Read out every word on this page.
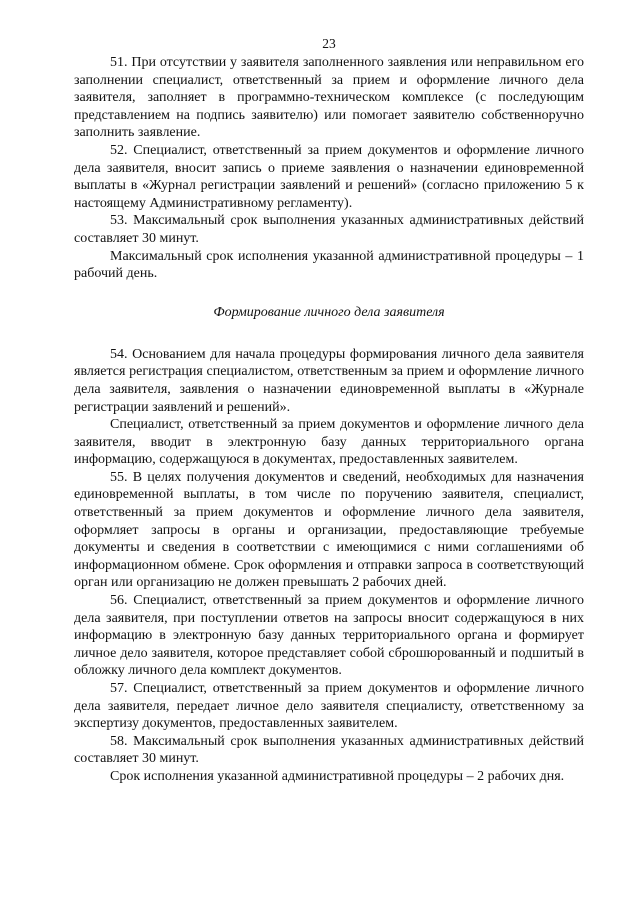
23

51. При отсутствии у заявителя заполненного заявления или неправильном его заполнении специалист, ответственный за прием и оформление личного дела заявителя, заполняет в программно-техническом комплексе (с последующим представлением на подпись заявителю) или помогает заявителю собственноручно заполнить заявление.

52. Специалист, ответственный за прием документов и оформление личного дела заявителя, вносит запись о приеме заявления о назначении единовременной выплаты в «Журнал регистрации заявлений и решений» (согласно приложению 5 к настоящему Административному регламенту).

53. Максимальный срок выполнения указанных административных действий составляет 30 минут.

Максимальный срок исполнения указанной административной процедуры – 1 рабочий день.

Формирование личного дела заявителя

54. Основанием для начала процедуры формирования личного дела заявителя является регистрация специалистом, ответственным за прием и оформление личного дела заявителя, заявления о назначении единовременной выплаты в «Журнале регистрации заявлений и решений».

Специалист, ответственный за прием документов и оформление личного дела заявителя, вводит в электронную базу данных территориального органа информацию, содержащуюся в документах, предоставленных заявителем.

55. В целях получения документов и сведений, необходимых для назначения единовременной выплаты, в том числе по поручению заявителя, специалист, ответственный за прием документов и оформление личного дела заявителя, оформляет запросы в органы и организации, предоставляющие требуемые документы и сведения в соответствии с имеющимися с ними соглашениями об информационном обмене. Срок оформления и отправки запроса в соответствующий орган или организацию не должен превышать 2 рабочих дней.

56. Специалист, ответственный за прием документов и оформление личного дела заявителя, при поступлении ответов на запросы вносит содержащуюся в них информацию в электронную базу данных территориального органа и формирует личное дело заявителя, которое представляет собой сброшюрованный и подшитый в обложку личного дела комплект документов.

57. Специалист, ответственный за прием документов и оформление личного дела заявителя, передает личное дело заявителя специалисту, ответственному за экспертизу документов, предоставленных заявителем.

58. Максимальный срок выполнения указанных административных действий составляет 30 минут.

Срок исполнения указанной административной процедуры – 2 рабочих дня.
